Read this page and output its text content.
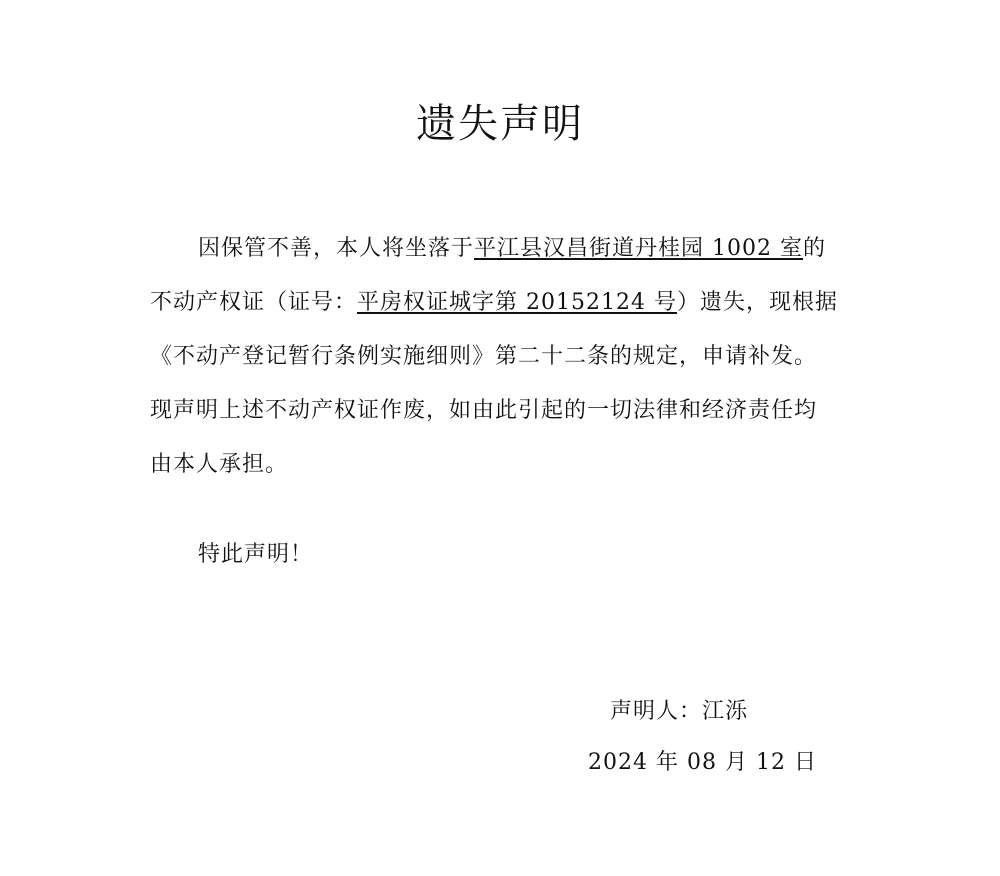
遗失声明
因保管不善，本人将坐落于平江县汉昌街道丹桂园 1002 室的
不动产权证（证号：平房权证城字第 20152124 号）遗失，现根据
《不动产登记暂行条例实施细则》第二十二条的规定，申请补发。
现声明上述不动产权证作废，如由此引起的一切法律和经济责任均
由本人承担。
特此声明！
声明人：江泺
2024 年 08 月 12 日
